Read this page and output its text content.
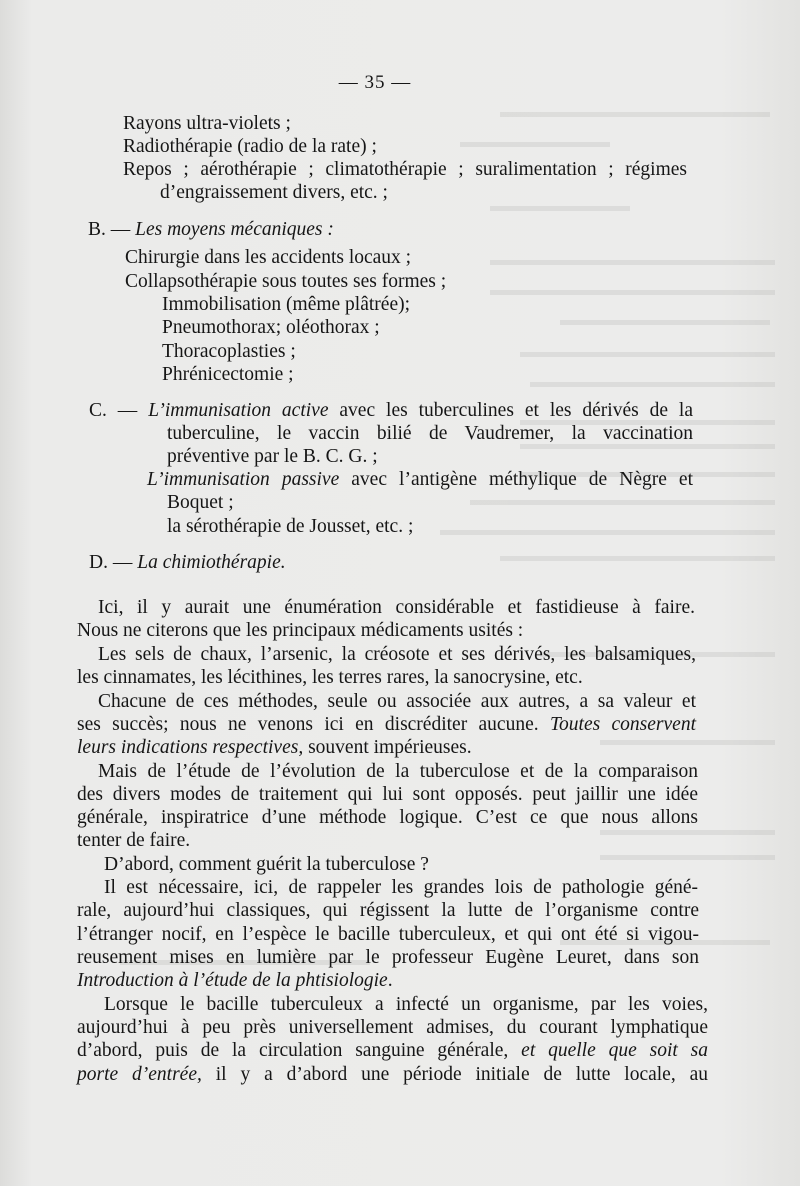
— 35 —
Rayons ultra-violets ;
Radiothérapie (radio de la rate) ;
Repos ; aérothérapie ; climatothérapie ; suralimentation ; régimes
d’engraissement divers, etc. ;
B. — Les moyens mécaniques :
Chirurgie dans les accidents locaux ;
Collapsothérapie sous toutes ses formes ;
Immobilisation (même plâtrée);
Pneumothorax; oléothorax ;
Thoracoplasties ;
Phrénicectomie ;
C. — L’immunisation active avec les tuberculines et les dérivés de la
tuberculine, le vaccin bilié de Vaudremer, la vaccination
préventive par le B. C. G. ;
L’immunisation passive avec l’antigène méthylique de Nègre et
Boquet ;
la sérothérapie de Jousset, etc. ;
D. — La chimiothérapie.
Ici, il y aurait une énumération considérable et fastidieuse à faire.
Nous ne citerons que les principaux médicaments usités :
Les sels de chaux, l’arsenic, la créosote et ses dérivés, les balsamiques,
les cinnamates, les lécithines, les terres rares, la sanocrysine, etc.
Chacune de ces méthodes, seule ou associée aux autres, a sa valeur et
ses succès; nous ne venons ici en discréditer aucune. Toutes conservent
leurs indications respectives, souvent impérieuses.
Mais de l’étude de l’évolution de la tuberculose et de la comparaison
des divers modes de traitement qui lui sont opposés. peut jaillir une idée
générale, inspiratrice d’une méthode logique. C’est ce que nous allons
tenter de faire.
D’abord, comment guérit la tuberculose ?
Il est nécessaire, ici, de rappeler les grandes lois de pathologie géné-
rale, aujourd’hui classiques, qui régissent la lutte de l’organisme contre
l’étranger nocif, en l’espèce le bacille tuberculeux, et qui ont été si vigou-
reusement mises en lumière par le professeur Eugène Leuret, dans son
Introduction à l’étude de la phtisiologie.
Lorsque le bacille tuberculeux a infecté un organisme, par les voies,
aujourd’hui à peu près universellement admises, du courant lymphatique
d’abord, puis de la circulation sanguine générale, et quelle que soit sa
porte d’entrée, il y a d’abord une période initiale de lutte locale, au
